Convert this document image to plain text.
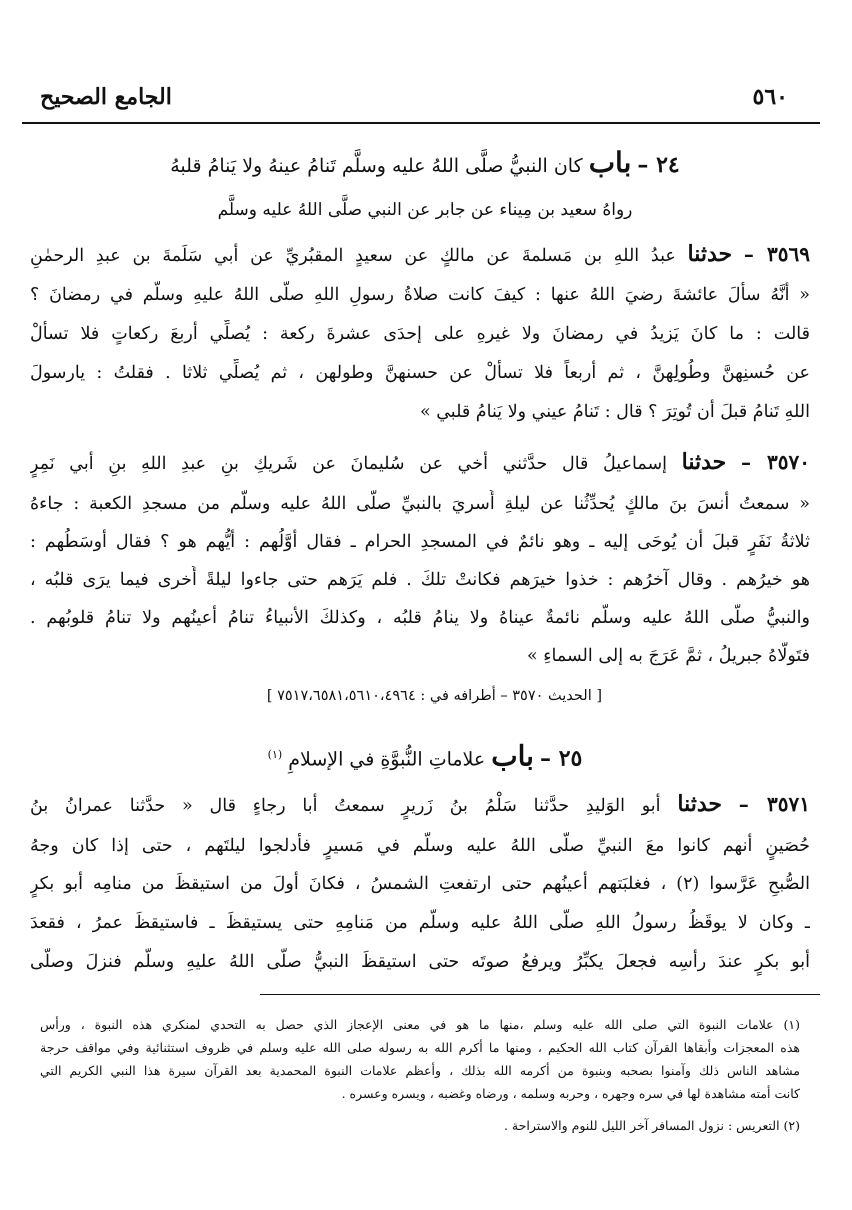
٥٦٠
الجامع الصحيح
٢٤ – باب كان النبيُّ صلَّى اللهُ عليه وسلَّم تَنامُ عينهُ ولا يَنامُ قلبهُ
رواهُ سعيد بن مِيناء عن جابر عن النبي صلَّى اللهُ عليه وسلَّم
٣٥٦٩ – حدثنا عبدُ اللهِ بن مَسلمةَ عن مالكٍ عن سعيدٍ المقبُريِّ عن أبي سَلَمةَ بن عبدِ الرحمٰنِ
« أنَّهُ سألَ عائشةَ رضيَ اللهُ عنها : كيفَ كانت صلاةُ رسولِ اللهِ صلَّى اللهُ عليهِ وسلَّم في رمضانَ ؟
قالت : ما كانَ يَزيدُ في رمضانَ ولا غيرهِ على إحدَى عشرةَ ركعة : يُصلِّي أربعَ ركعاتٍ فلا تسألْ
عن حُسنِهنَّ وطُولِهنَّ ، ثم أربعاً فلا تسألْ عن حسنهنَّ وطولهن ، ثم يُصلِّي ثلاثا . فقلتُ : يارسولَ
اللهِ تَنامُ قبلَ أن تُوتِرَ ؟ قال : تَنامُ عيني ولا يَنامُ قلبي »
٣٥٧٠ – حدثنا إسماعيلُ قال حدَّثني أخي عن سُليمانَ عن شَريكِ بنِ عبدِ اللهِ بنِ أبي نَمِرٍ
« سمعتُ أنسَ بنَ مالكٍ يُحدِّثُنا عن ليلةِ أُسريَ بالنبيِّ صلَّى اللهُ عليه وسلَّم من مسجدِ الكعبة : جاءهُ
ثلاثةُ نَفَرٍ قبلَ أن يُوحَى إليه ـ وهو نائمٌ في المسجدِ الحرام ـ فقال أوَّلُهم : أيُّهم هو ؟ فقال أوسَطُهم :
هو خيرُهم . وقال آخرُهم : خذوا خيرَهم فكانتْ تلكَ . فلم يَرَهم حتى جاءوا ليلةً أُخرى فيما يرَى قلبُه ،
والنبيُّ صلَّى اللهُ عليه وسلَّم نائمةٌ عيناهُ ولا ينامُ قلبُه ، وكذلكَ الأنبياءُ تنامُ أعينُهم ولا تنامُ قلوبُهم .
فتَولَّاهُ جبريلُ ، ثمَّ عَرَجَ به إلى السماءِ »
[ الحديث ٣٥٧٠ – أطرافه في : ٧٥١٧،٦٥٨١،٥٦١٠،٤٩٦٤ ]
٢٥ – باب علاماتِ النُّبوَّةِ في الإسلامِ $^{(١)}$
٣٥٧١ – حدثنا أبو الوَليدِ حدَّثنا سَلْمُ بنُ زَريرٍ سمعتُ أبا رجاءٍ قال « حدَّثنا عمرانُ بنُ
حُصَينٍ أنهم كانوا معَ النبيِّ صلَّى اللهُ عليه وسلَّم في مَسيرٍ فأدلجوا ليلتَهم ، حتى إذا كان وجهُ
الصُّبحِ عَرَّسوا (٢) ، فغلبَتهم أعينُهم حتى ارتفعتِ الشمسُ ، فكانَ أولَ من استيقظَ من منامِه أبو بكرٍ
ـ وكان لا يوقَظُ رسولُ اللهِ صلَّى اللهُ عليه وسلَّم من مَنامِهِ حتى يستيقظَ ـ فاستيقظَ عمرُ ، فقعدَ
أبو بكرٍ عندَ رأسِه فجعلَ يكبِّرُ ويرفعُ صوتَه حتى استيقظَ النبيُّ صلَّى اللهُ عليهِ وسلَّم فنزلَ وصلَّى
(١) علامات النبوة التي صلى الله عليه وسلم ،منها ما هو في معنى الإعجاز الذي حصل به التحدي لمنكري هذه النبوة ، ورأس
هذه المعجزات وأبقاها القرآن كتاب الله الحكيم ، ومنها ما أكرم الله به رسوله صلى الله عليه وسلم في ظروف استثنائية وفي مواقف حرجة
مشاهد الناس ذلك وآمنوا بصحبه وبنبوة من أكرمه الله بذلك ، وأعظم علامات النبوة المحمدية بعد القرآن سيرة هذا النبي الكريم التي
كانت أمته مشاهدة لها في سره وجهره ، وحربه وسلمه ، ورضاه وغضبه ، ويسره وعسره .
(٢) التعريس : نزول المسافر آخر الليل للنوم والاستراحة .
